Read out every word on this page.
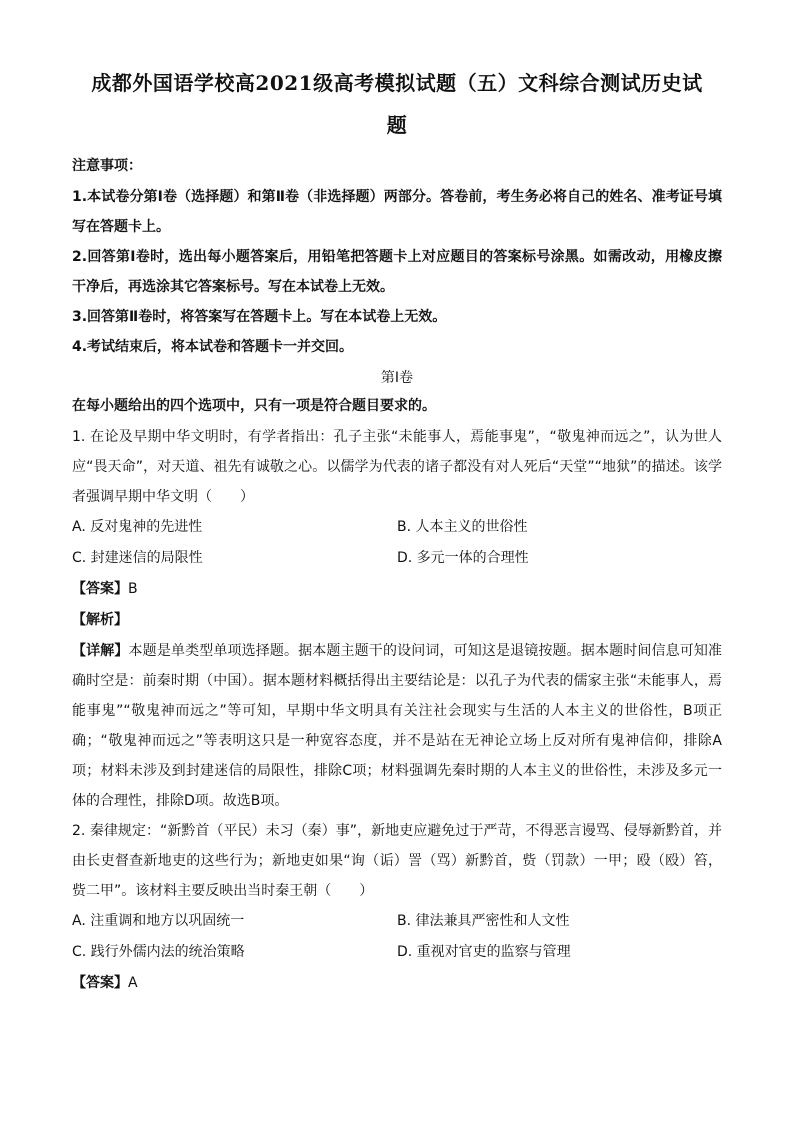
成都外国语学校高2021级高考模拟试题（五）文科综合测试历史试
题

注意事项：

1.本试卷分第Ⅰ卷（选择题）和第Ⅱ卷（非选择题）两部分。答卷前，考生务必将自己的姓名、准考证号填写在答题卡上。

2.回答第Ⅰ卷时，选出每小题答案后，用铅笔把答题卡上对应题目的答案标号涂黑。如需改动，用橡皮擦干净后，再选涂其它答案标号。写在本试卷上无效。

3.回答第Ⅱ卷时，将答案写在答题卡上。写在本试卷上无效。

4.考试结束后，将本试卷和答题卡一并交回。

第Ⅰ卷

在每小题给出的四个选项中，只有一项是符合题目要求的。

1. 在论及早期中华文明时，有学者指出：孔子主张“未能事人，焉能事鬼”，“敬鬼神而远之”，认为世人应“畏天命”，对天道、祖先有诚敬之心。以儒学为代表的诸子都没有对人死后“天堂”“地狱”的描述。该学者强调早期中华文明（　　）

A. 反对鬼神的先进性	B. 人本主义的世俗性
C. 封建迷信的局限性	D. 多元一体的合理性
【答案】B
【解析】

【详解】本题是单类型单项选择题。据本题主题干的设问词，可知这是退镜按题。据本题时间信息可知准确时空是：前秦时期（中国）。据本题材料概括得出主要结论是：以孔子为代表的儒家主张“未能事人，焉能事鬼”“敬鬼神而远之”等可知，早期中华文明具有关注社会现实与生活的人本主义的世俗性，B项正确；“敬鬼神而远之”等表明这只是一种宽容态度，并不是站在无神论立场上反对所有鬼神信仰，排除A项；材料未涉及到封建迷信的局限性，排除C项；材料强调先秦时期的人本主义的世俗性，未涉及多元一体的合理性，排除D项。故选B项。

2. 秦律规定：“新黔首（平民）未习（秦）事”，新地吏应避免过于严苛，不得恶言谩骂、侵辱新黔首，并由长吏督查新地吏的这些行为；新地吏如果“询（诟）詈（骂）新黔首，赀（罚款）一甲；殴（殴）笞，赀二甲”。该材料主要反映出当时秦王朝（　　）

A. 注重调和地方以巩固统一	B. 律法兼具严密性和人文性
C. 践行外儒内法的统治策略	D. 重视对官吏的监察与管理
【答案】A
